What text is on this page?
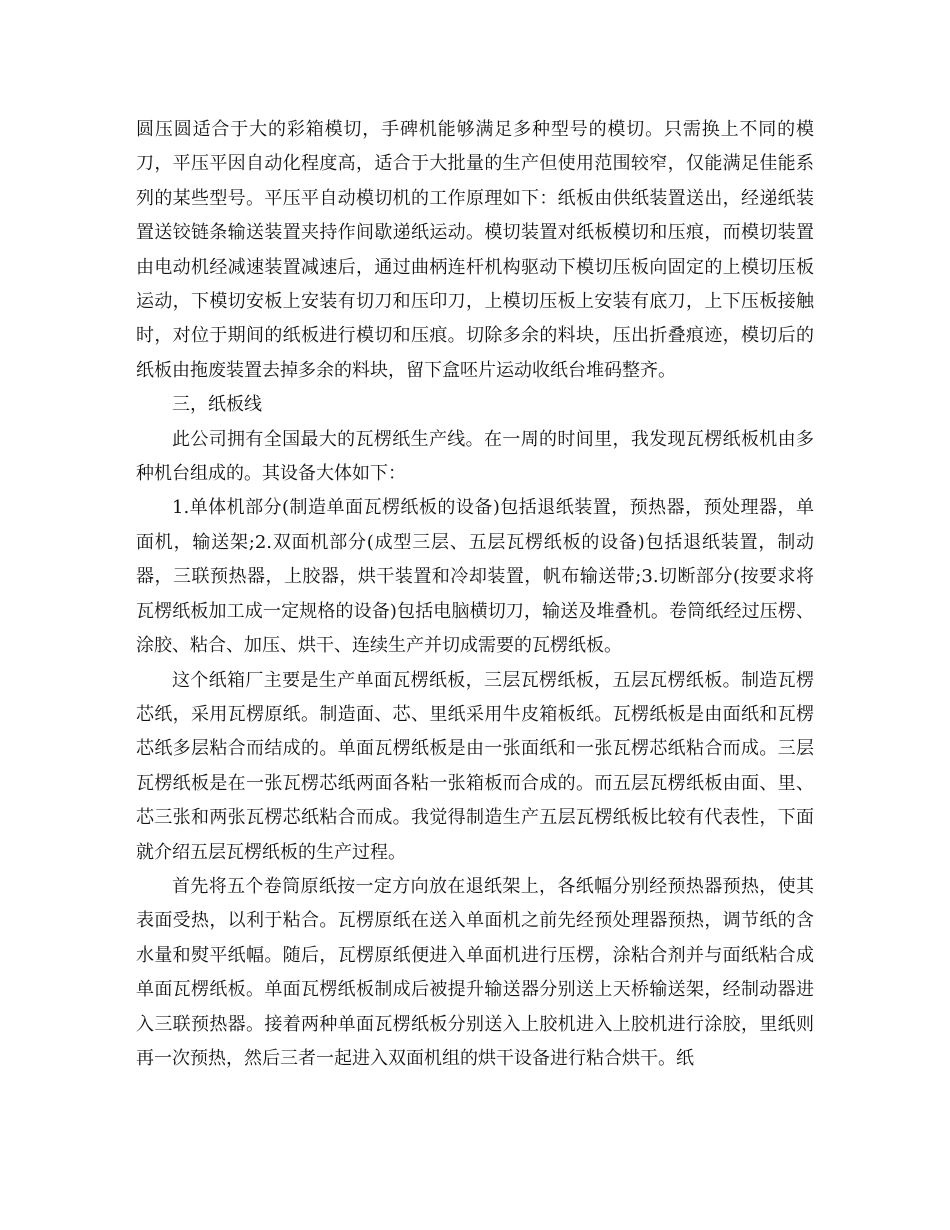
圆压圆适合于大的彩箱模切，手碑机能够满足多种型号的模切。只需换上不同的模刀，平压平因自动化程度高，适合于大批量的生产但使用范围较窄，仅能满足佳能系列的某些型号。平压平自动模切机的工作原理如下：纸板由供纸装置送出，经递纸装置送铰链条输送装置夹持作间歇递纸运动。模切装置对纸板模切和压痕，而模切装置由电动机经减速装置减速后，通过曲柄连杆机构驱动下模切压板向固定的上模切压板运动，下模切安板上安装有切刀和压印刀，上模切压板上安装有底刀，上下压板接触时，对位于期间的纸板进行模切和压痕。切除多余的料块，压出折叠痕迹，模切后的纸板由拖废装置去掉多余的料块，留下盒呸片运动收纸台堆码整齐。

三，纸板线

此公司拥有全国最大的瓦楞纸生产线。在一周的时间里，我发现瓦楞纸板机由多种机台组成的。其设备大体如下：

1.单体机部分(制造单面瓦楞纸板的设备)包括退纸装置，预热器，预处理器，单面机，输送架;2.双面机部分(成型三层、五层瓦楞纸板的设备)包括退纸装置，制动器，三联预热器，上胶器，烘干装置和冷却装置，帆布输送带;3.切断部分(按要求将瓦楞纸板加工成一定规格的设备)包括电脑横切刀，输送及堆叠机。卷筒纸经过压楞、涂胶、粘合、加压、烘干、连续生产并切成需要的瓦楞纸板。

这个纸箱厂主要是生产单面瓦楞纸板，三层瓦楞纸板，五层瓦楞纸板。制造瓦楞芯纸，采用瓦楞原纸。制造面、芯、里纸采用牛皮箱板纸。瓦楞纸板是由面纸和瓦楞芯纸多层粘合而结成的。单面瓦楞纸板是由一张面纸和一张瓦楞芯纸粘合而成。三层瓦楞纸板是在一张瓦楞芯纸两面各粘一张箱板而合成的。而五层瓦楞纸板由面、里、芯三张和两张瓦楞芯纸粘合而成。我觉得制造生产五层瓦楞纸板比较有代表性，下面就介绍五层瓦楞纸板的生产过程。

首先将五个卷筒原纸按一定方向放在退纸架上，各纸幅分别经预热器预热，使其表面受热，以利于粘合。瓦楞原纸在送入单面机之前先经预处理器预热，调节纸的含水量和熨平纸幅。随后，瓦楞原纸便进入单面机进行压楞，涂粘合剂并与面纸粘合成单面瓦楞纸板。单面瓦楞纸板制成后被提升输送器分别送上天桥输送架，经制动器进入三联预热器。接着两种单面瓦楞纸板分别送入上胶机进入上胶机进行涂胶，里纸则再一次预热，然后三者一起进入双面机组的烘干设备进行粘合烘干。纸
